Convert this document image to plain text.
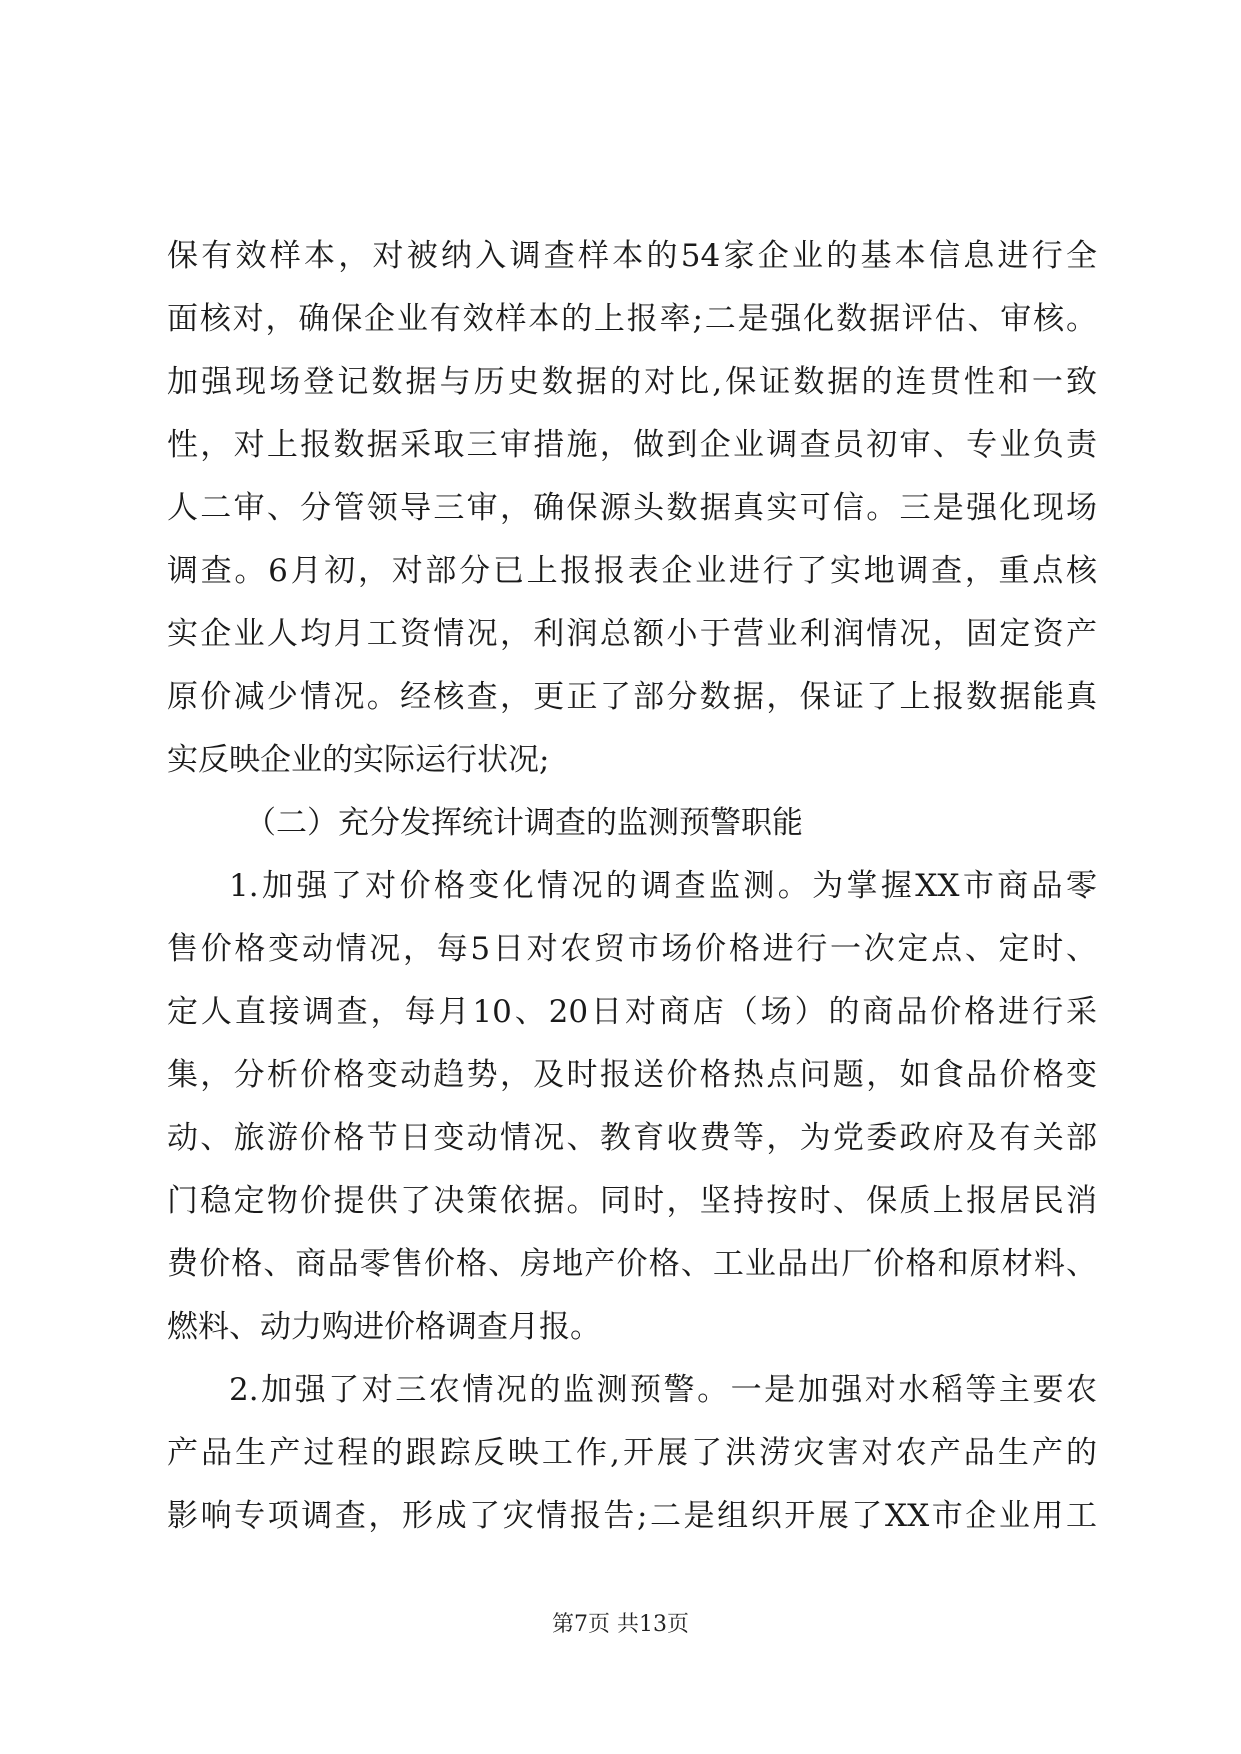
保有效样本，对被纳入调查样本的54家企业的基本信息进行全
面核对，确保企业有效样本的上报率;二是强化数据评估、审核。
加强现场登记数据与历史数据的对比,保证数据的连贯性和一致
性，对上报数据采取三审措施，做到企业调查员初审、专业负责
人二审、分管领导三审，确保源头数据真实可信。三是强化现场
调查。6月初，对部分已上报报表企业进行了实地调查，重点核
实企业人均月工资情况，利润总额小于营业利润情况，固定资产
原价减少情况。经核查，更正了部分数据，保证了上报数据能真
实反映企业的实际运行状况;
（二）充分发挥统计调查的监测预警职能
1.加强了对价格变化情况的调查监测。为掌握XX市商品零
售价格变动情况，每5日对农贸市场价格进行一次定点、定时、
定人直接调查，每月10、20日对商店（场）的商品价格进行采
集，分析价格变动趋势，及时报送价格热点问题，如食品价格变
动、旅游价格节日变动情况、教育收费等，为党委政府及有关部
门稳定物价提供了决策依据。同时，坚持按时、保质上报居民消
费价格、商品零售价格、房地产价格、工业品出厂价格和原材料、
燃料、动力购进价格调查月报。
2.加强了对三农情况的监测预警。一是加强对水稻等主要农
产品生产过程的跟踪反映工作,开展了洪涝灾害对农产品生产的
影响专项调查，形成了灾情报告;二是组织开展了XX市企业用工
第7页 共13页
